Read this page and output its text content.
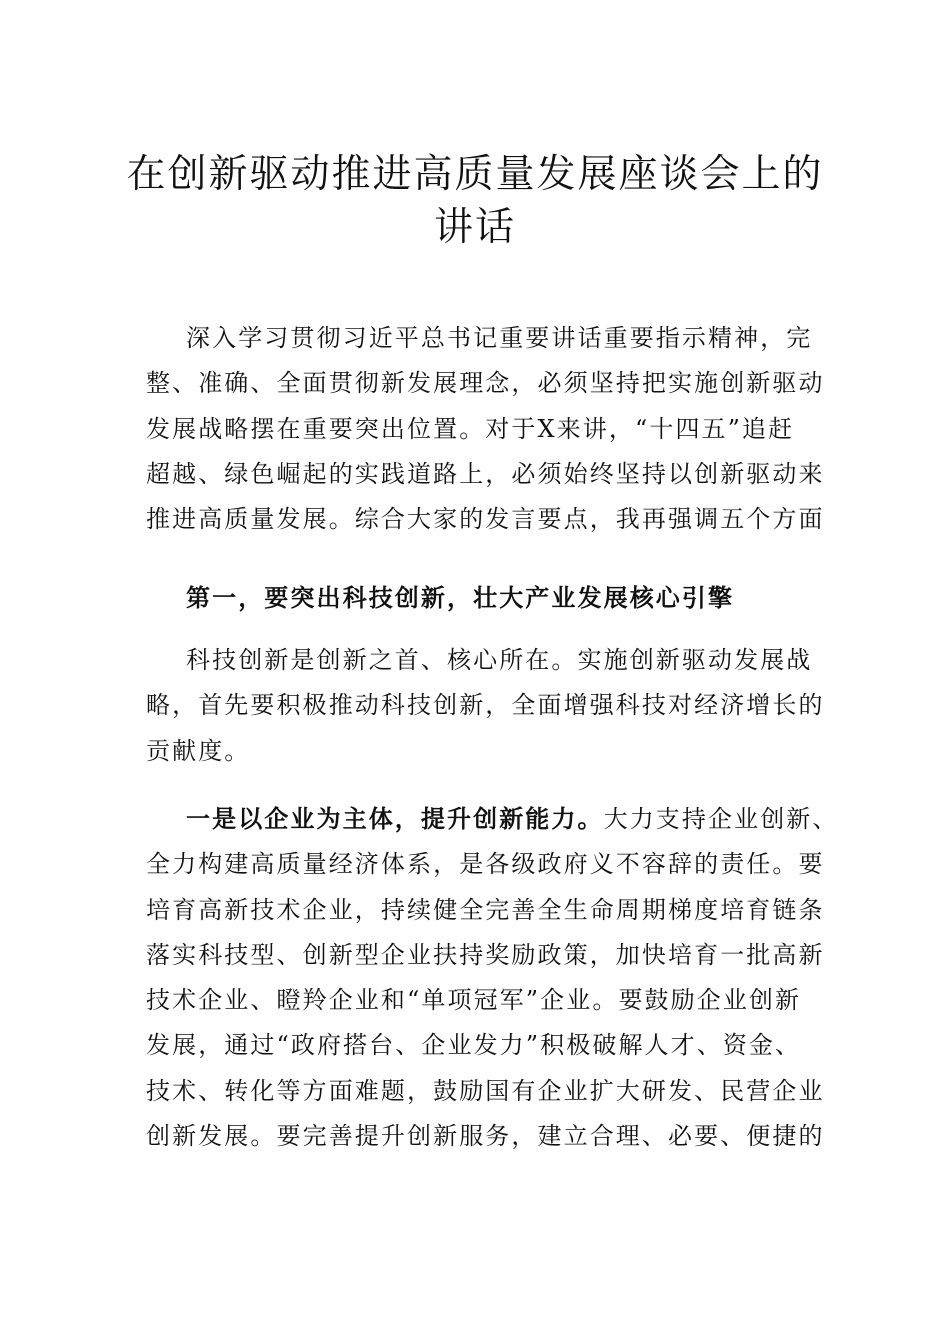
在创新驱动推进高质量发展座谈会上的
讲话

深入学习贯彻习近平总书记重要讲话重要指示精神，完
整、准确、全面贯彻新发展理念，必须坚持把实施创新驱动
发展战略摆在重要突出位置。对于X来讲，“十四五”追赶
超越、绿色崛起的实践道路上，必须始终坚持以创新驱动来
推进高质量发展。综合大家的发言要点，我再强调五个方面

第一，要突出科技创新，壮大产业发展核心引擎

科技创新是创新之首、核心所在。实施创新驱动发展战
略，首先要积极推动科技创新，全面增强科技对经济增长的
贡献度。

一是以企业为主体，提升创新能力。大力支持企业创新、
全力构建高质量经济体系，是各级政府义不容辞的责任。要
培育高新技术企业，持续健全完善全生命周期梯度培育链条
落实科技型、创新型企业扶持奖励政策，加快培育一批高新
技术企业、瞪羚企业和“单项冠军”企业。要鼓励企业创新
发展，通过“政府搭台、企业发力”积极破解人才、资金、
技术、转化等方面难题，鼓励国有企业扩大研发、民营企业
创新发展。要完善提升创新服务，建立合理、必要、便捷的
